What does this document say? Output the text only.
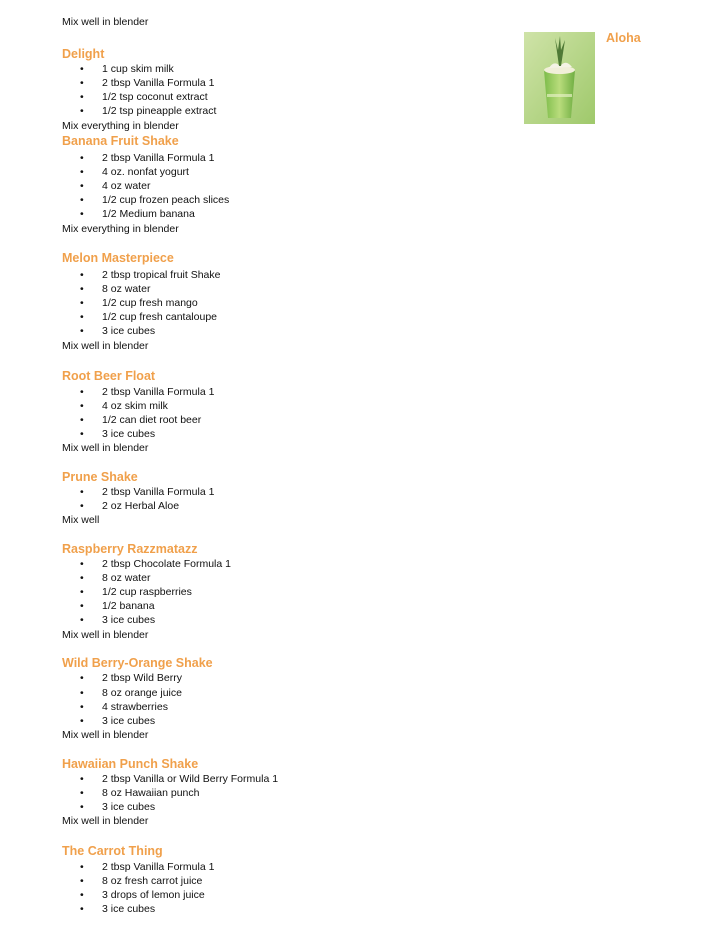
Mix well in blender
Aloha
Delight
• 1 cup skim milk
• 2 tbsp Vanilla Formula 1
• 1/2 tsp coconut extract
• 1/2 tsp pineapple extract
Mix everything in blender
Banana Fruit Shake
• 2 tbsp Vanilla Formula 1
• 4 oz. nonfat yogurt
• 4 oz water
• 1/2 cup frozen peach slices
• 1/2 Medium banana
Mix everything in blender
Melon Masterpiece
• 2 tbsp tropical fruit Shake
• 8 oz water
• 1/2 cup fresh mango
• 1/2 cup fresh cantaloupe
• 3 ice cubes
Mix well in blender
Root Beer Float
• 2 tbsp Vanilla Formula 1
• 4 oz skim milk
• 1/2 can diet root beer
• 3 ice cubes
Mix well in blender
Prune Shake
• 2 tbsp Vanilla Formula 1
• 2 oz Herbal Aloe
Mix well
Raspberry Razzmatazz
• 2 tbsp Chocolate Formula 1
• 8 oz water
• 1/2 cup raspberries
• 1/2 banana
• 3 ice cubes
Mix well in blender
Wild Berry-Orange Shake
• 2 tbsp Wild Berry
• 8 oz orange juice
• 4 strawberries
• 3 ice cubes
Mix well in blender
Hawaiian Punch Shake
• 2 tbsp Vanilla or Wild Berry Formula 1
• 8 oz Hawaiian punch
• 3 ice cubes
Mix well in blender
The Carrot Thing
• 2 tbsp Vanilla Formula 1
• 8 oz fresh carrot juice
• 3 drops of lemon juice
• 3 ice cubes
